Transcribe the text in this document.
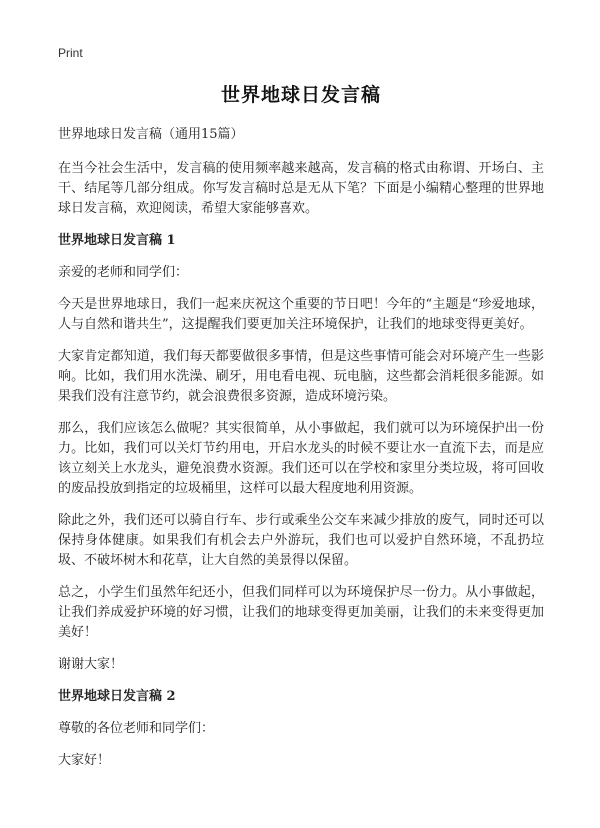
Print
世界地球日发言稿
世界地球日发言稿（通用15篇）

在当今社会生活中，发言稿的使用频率越来越高，发言稿的格式由称谓、开场白、主干、结尾等几部分组成。你写发言稿时总是无从下笔？下面是小编精心整理的世界地球日发言稿，欢迎阅读，希望大家能够喜欢。

世界地球日发言稿 1

亲爱的老师和同学们：

今天是世界地球日，我们一起来庆祝这个重要的节日吧！今年的“主题是“珍爱地球，人与自然和谐共生”，这提醒我们要更加关注环境保护，让我们的地球变得更美好。

大家肯定都知道，我们每天都要做很多事情，但是这些事情可能会对环境产生一些影响。比如，我们用水洗澡、刷牙，用电看电视、玩电脑，这些都会消耗很多能源。如果我们没有注意节约，就会浪费很多资源，造成环境污染。

那么，我们应该怎么做呢？其实很简单，从小事做起，我们就可以为环境保护出一份力。比如，我们可以关灯节约用电，开启水龙头的时候不要让水一直流下去，而是应该立刻关上水龙头，避免浪费水资源。我们还可以在学校和家里分类垃圾，将可回收的废品投放到指定的垃圾桶里，这样可以最大程度地利用资源。

除此之外，我们还可以骑自行车、步行或乘坐公交车来减少排放的废气，同时还可以保持身体健康。如果我们有机会去户外游玩，我们也可以爱护自然环境，不乱扔垃圾、不破坏树木和花草，让大自然的美景得以保留。

总之，小学生们虽然年纪还小，但我们同样可以为环境保护尽一份力。从小事做起，让我们养成爱护环境的好习惯，让我们的地球变得更加美丽，让我们的未来变得更加美好！

谢谢大家！

世界地球日发言稿 2

尊敬的各位老师和同学们：

大家好！
